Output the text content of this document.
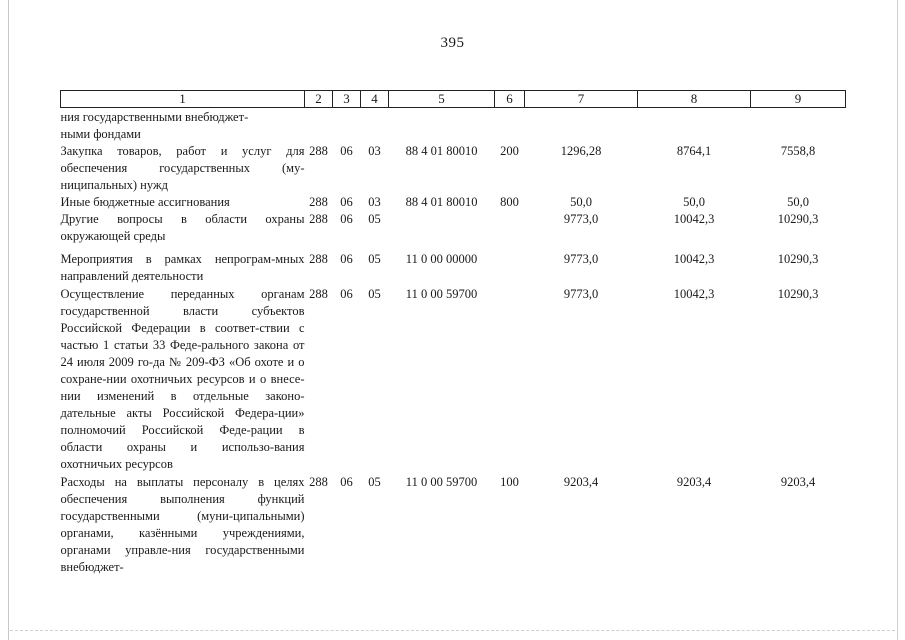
395
1	2	3	4	5	6	7	8	9
ния государственными внебюджет-
ными фондами								
Закупка товаров, работ и услуг для обеспечения государственных (му-ниципальных) нужд	288	06	03	88 4 01 80010	200	1296,28	8764,1	7558,8
Иные бюджетные ассигнования	288	06	03	88 4 01 80010	800	50,0	50,0	50,0
Другие вопросы в области охраны окружающей среды	288	06	05			9773,0	10042,3	10290,3
Мероприятия в рамках непрограм-мных направлений деятельности	288	06	05	11 0 00 00000		9773,0	10042,3	10290,3
Осуществление переданных органам государственной власти субъектов Российской Федерации в соответ-ствии с частью 1 статьи 33 Феде-рального закона от 24 июля 2009 го-да № 209-ФЗ «Об охоте и о сохране-нии охотничьих ресурсов и о внесе-нии изменений в отдельные законо-дательные акты Российской Федера-ции» полномочий Российской Феде-рации в области охраны и использо-вания охотничьих ресурсов	288	06	05	11 0 00 59700		9773,0	10042,3	10290,3
Расходы на выплаты персоналу в целях обеспечения выполнения функций государственными (муни-ципальными) органами, казёнными учреждениями, органами управле-ния государственными внебюджет-	288	06	05	11 0 00 59700	100	9203,4	9203,4	9203,4
